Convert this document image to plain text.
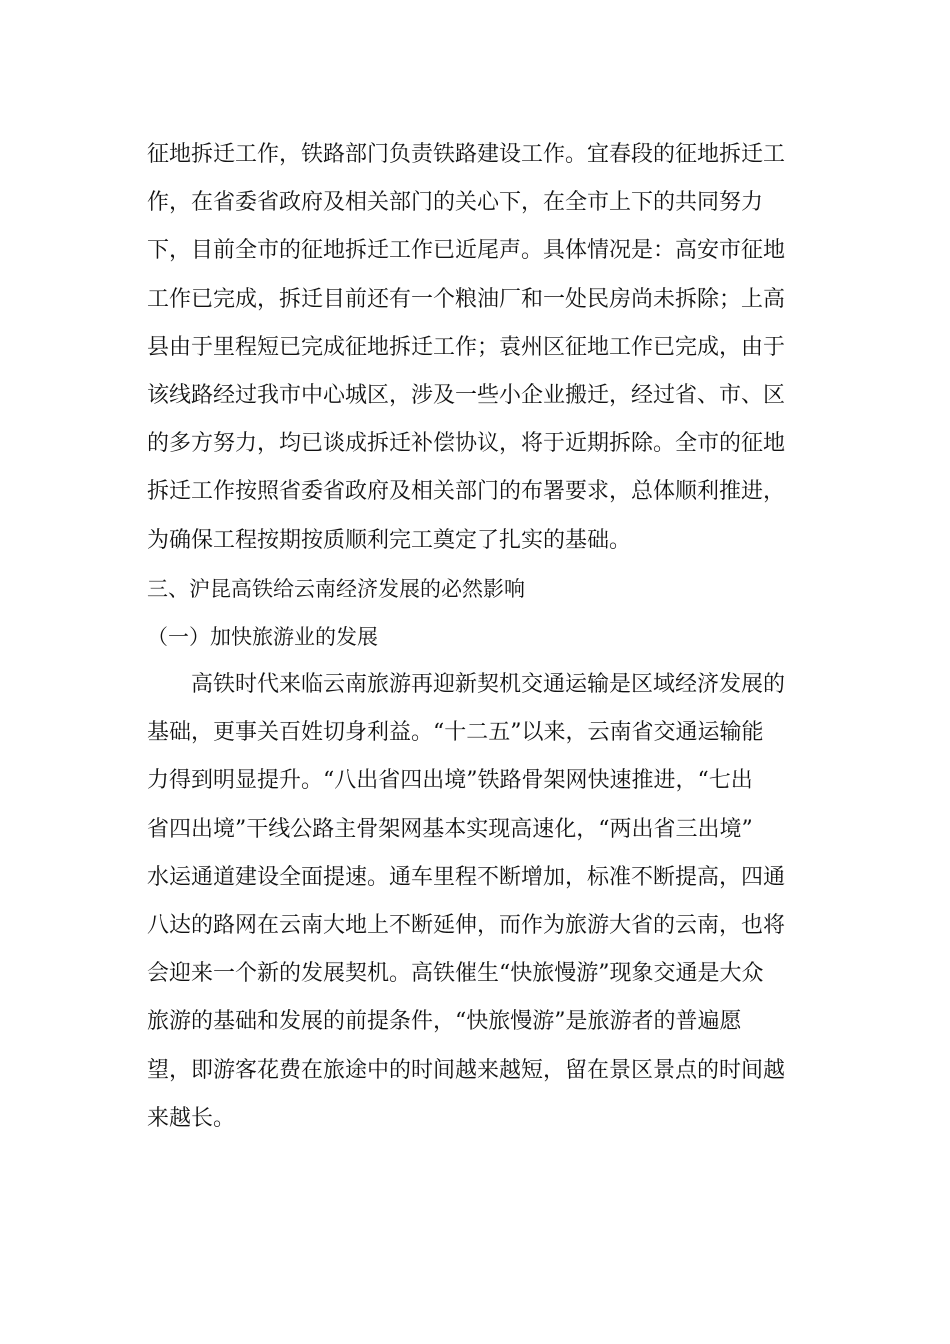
征地拆迁工作，铁路部门负责铁路建设工作。宜春段的征地拆迁工
作，在省委省政府及相关部门的关心下，在全市上下的共同努力
下，目前全市的征地拆迁工作已近尾声。具体情况是：高安市征地
工作已完成，拆迁目前还有一个粮油厂和一处民房尚未拆除；上高
县由于里程短已完成征地拆迁工作；袁州区征地工作已完成，由于
该线路经过我市中心城区，涉及一些小企业搬迁，经过省、市、区
的多方努力，均已谈成拆迁补偿协议，将于近期拆除。全市的征地
拆迁工作按照省委省政府及相关部门的布署要求，总体顺利推进，
为确保工程按期按质顺利完工奠定了扎实的基础。
三、沪昆高铁给云南经济发展的必然影响
（一）加快旅游业的发展
高铁时代来临云南旅游再迎新契机交通运输是区域经济发展的
基础，更事关百姓切身利益。“十二五”以来，云南省交通运输能
力得到明显提升。“八出省四出境”铁路骨架网快速推进，“七出
省四出境”干线公路主骨架网基本实现高速化，“两出省三出境”
水运通道建设全面提速。通车里程不断增加，标准不断提高，四通
八达的路网在云南大地上不断延伸，而作为旅游大省的云南，也将
会迎来一个新的发展契机。高铁催生“快旅慢游”现象交通是大众
旅游的基础和发展的前提条件，“快旅慢游”是旅游者的普遍愿
望，即游客花费在旅途中的时间越来越短，留在景区景点的时间越
来越长。
